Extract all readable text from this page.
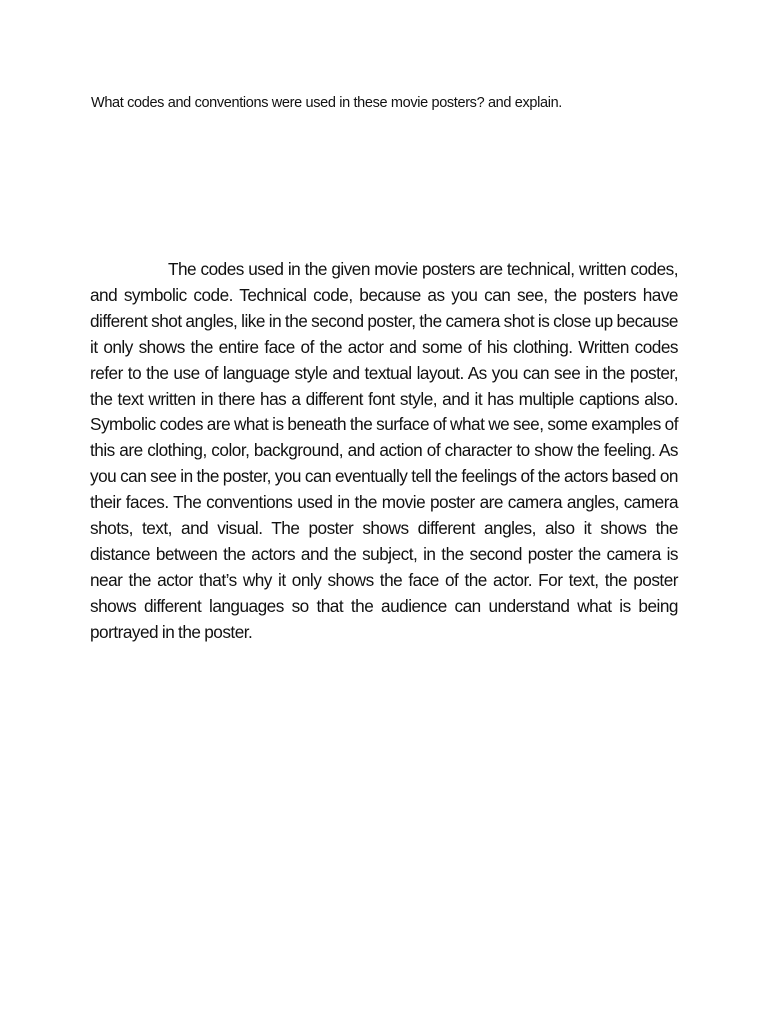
What codes and conventions were used in these movie posters? and explain.

The codes used in the given movie posters are technical, written codes, and symbolic code. Technical code, because as you can see, the posters have different shot angles, like in the second poster, the camera shot is close up because it only shows the entire face of the actor and some of his clothing. Written codes refer to the use of language style and textual layout. As you can see in the poster, the text written in there has a different font style, and it has multiple captions also. Symbolic codes are what is beneath the surface of what we see, some examples of this are clothing, color, background, and action of character to show the feeling. As you can see in the poster, you can eventually tell the feelings of the actors based on their faces. The conventions used in the movie poster are camera angles, camera shots, text, and visual. The poster shows different angles, also it shows the distance between the actors and the subject, in the second poster the camera is near the actor that’s why it only shows the face of the actor. For text, the poster shows different languages so that the audience can understand what is being portrayed in the poster.
